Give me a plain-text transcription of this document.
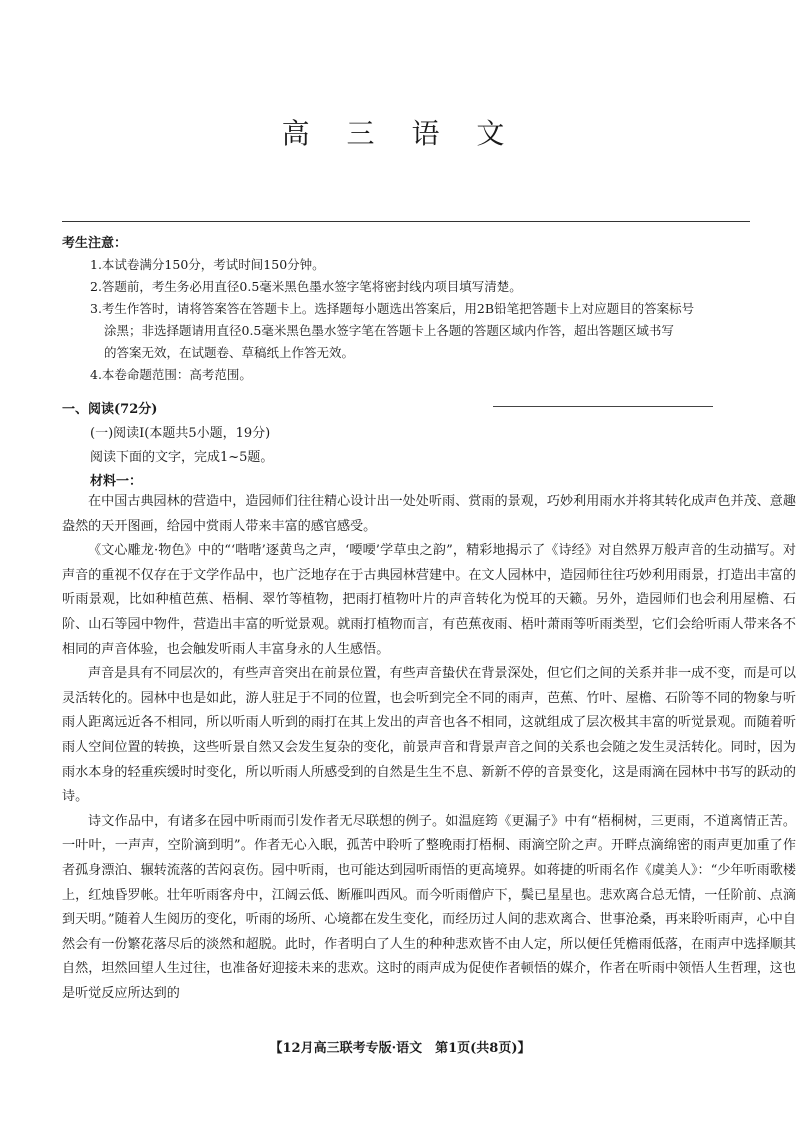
高 三 语 文
考生注意：
1.本试卷满分150分，考试时间150分钟。
2.答题前，考生务必用直径0.5毫米黑色墨水签字笔将密封线内项目填写清楚。
3.考生作答时，请将答案答在答题卡上。选择题每小题选出答案后，用2B铅笔把答题卡上对应题目的答案标号
涂黑；非选择题请用直径0.5毫米黑色墨水签字笔在答题卡上各题的答题区域内作答，超出答题区域书写
的答案无效，在试题卷、草稿纸上作答无效。
4.本卷命题范围：高考范围。
一、阅读(72分)
(一)阅读Ⅰ(本题共5小题，19分)
阅读下面的文字，完成1~5题。
材料一：

在中国古典园林的营造中，造园师们往往精心设计出一处处听雨、赏雨的景观，巧妙利用雨水并将其转化成声色并茂、意趣盎然的天开图画，给园中赏雨人带来丰富的感官感受。

《文心雕龙·物色》中的“‘喈喈’逐黄鸟之声，‘喓喓’学草虫之韵”，精彩地揭示了《诗经》对自然界万般声音的生动描写。对声音的重视不仅存在于文学作品中，也广泛地存在于古典园林营建中。在文人园林中，造园师往往巧妙利用雨景，打造出丰富的听雨景观，比如种植芭蕉、梧桐、翠竹等植物，把雨打植物叶片的声音转化为悦耳的天籁。另外，造园师们也会利用屋檐、石阶、山石等园中物件，营造出丰富的听觉景观。就雨打植物而言，有芭蕉夜雨、梧叶萧雨等听雨类型，它们会给听雨人带来各不相同的声音体验，也会触发听雨人丰富身永的人生感悟。

声音是具有不同层次的，有些声音突出在前景位置，有些声音蛰伏在背景深处，但它们之间的关系并非一成不变，而是可以灵活转化的。园林中也是如此，游人驻足于不同的位置，也会听到完全不同的雨声，芭蕉、竹叶、屋檐、石阶等不同的物象与听雨人距离远近各不相同，所以听雨人听到的雨打在其上发出的声音也各不相同，这就组成了层次极其丰富的听觉景观。而随着听雨人空间位置的转换，这些听景自然又会发生复杂的变化，前景声音和背景声音之间的关系也会随之发生灵活转化。同时，因为雨水本身的轻重疾缓时时变化，所以听雨人所感受到的自然是生生不息、新新不停的音景变化，这是雨滴在园林中书写的跃动的诗。

诗文作品中，有诸多在园中听雨而引发作者无尽联想的例子。如温庭筠《更漏子》中有“梧桐树，三更雨，不道离情正苦。一叶叶，一声声，空阶滴到明”。作者无心入眠，孤苦中聆听了整晚雨打梧桐、雨滴空阶之声。开畔点滴绵密的雨声更加重了作者孤身漂泊、辗转流落的苦闷哀伤。园中听雨，也可能达到园听雨悟的更高境界。如蒋捷的听雨名作《虞美人》：“少年听雨歌楼上，红烛昏罗帐。壮年听雨客舟中，江阔云低、断雁叫西风。而今听雨僧庐下，鬓已星星也。悲欢离合总无情，一任阶前、点滴到天明。”随着人生阅历的变化，听雨的场所、心境都在发生变化，而经历过人间的悲欢离合、世事沧桑，再来聆听雨声，心中自然会有一份繁花落尽后的淡然和超脱。此时，作者明白了人生的种种悲欢皆不由人定，所以便任凭檐雨低落，在雨声中选择顺其自然，坦然回望人生过往，也准备好迎接未来的悲欢。这时的雨声成为促使作者顿悟的媒介，作者在听雨中领悟人生哲理，这也是听觉反应所达到的

【12月高三联考专版·语文　第1页(共8页)】
